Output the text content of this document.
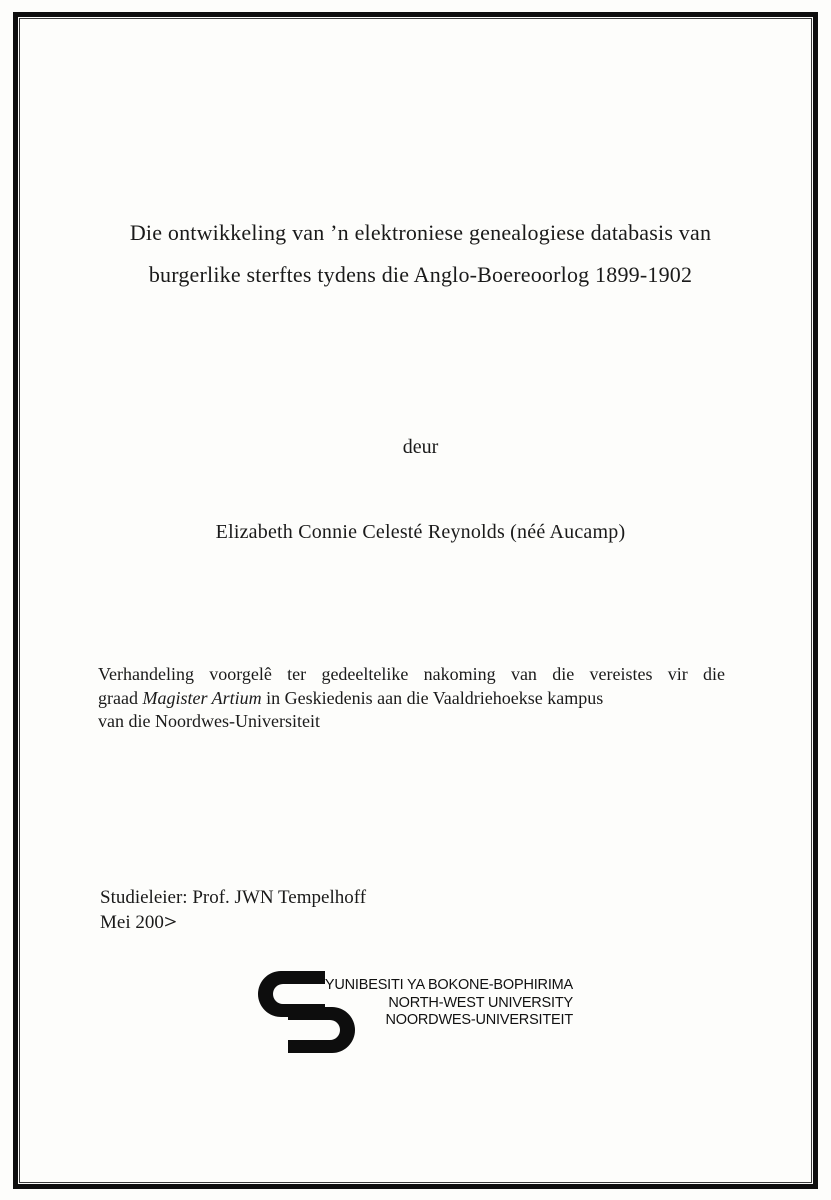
Die ontwikkeling van ’n elektroniese genealogiese databasis van
burgerlike sterftes tydens die Anglo-Boereoorlog 1899-1902
deur
Elizabeth Connie Celesté Reynolds (néé Aucamp)
Verhandeling voorgelê ter gedeeltelike nakoming van die vereistes vir die
graad Magister Artium in Geskiedenis aan die Vaaldriehoekse kampus
van die Noordwes-Universiteit
Studieleier: Prof. JWN Tempelhoff
Mei 200>
YUNIBESITI YA BOKONE-BOPHIRIMA
NORTH-WEST UNIVERSITY
NOORDWES-UNIVERSITEIT
